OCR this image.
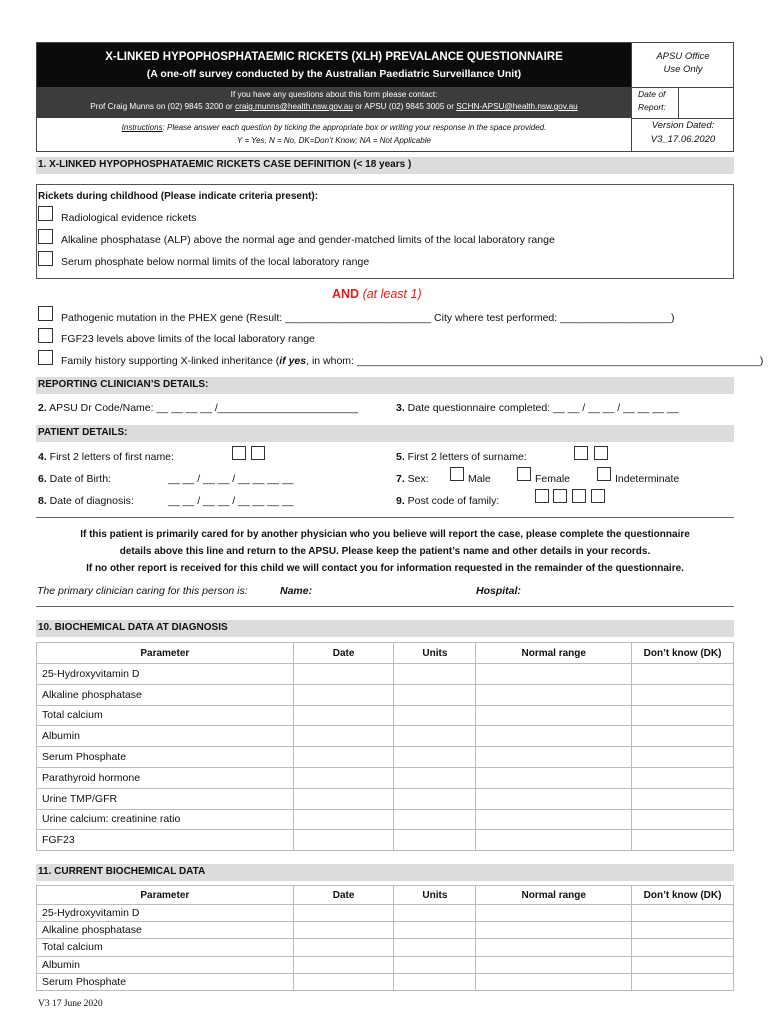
X-LINKED HYPOPHOSPHATAEMIC RICKETS (XLH) PREVALANCE QUESTIONNAIRE
(A one-off survey conducted by the Australian Paediatric Surveillance Unit)
If you have any questions about this form please contact:
Prof Craig Munns on (02) 9845 3200 or craig.munns@health.nsw.gov.au or APSU (02) 9845 3005 or SCHN-APSU@health.nsw.gov.au
Instructions: Please answer each question by ticking the appropriate box or writing your response in the space provided.
Y = Yes, N = No, DK=Don’t Know; NA = Not Applicable
APSU Office
Use Only
Date of
Report:
Version Dated:
V3_17.06.2020
1. X-LINKED HYPOPHOSPHATAEMIC RICKETS CASE DEFINITION (< 18 years )
Rickets during childhood (Please indicate criteria present):
Radiological evidence rickets
Alkaline phosphatase (ALP) above the normal age and gender-matched limits of the local laboratory range
Serum phosphate below normal limits of the local laboratory range
AND (at least 1)
Pathogenic mutation in the PHEX gene (Result: _________________________ City where test performed: ___________________)
FGF23 levels above limits of the local laboratory range
Family history supporting X-linked inheritance (if yes, in whom: _____________________________________________________________________)
REPORTING CLINICIAN’S DETAILS:
2. APSU Dr Code/Name: __ __ __ __ /________________________	3. Date questionnaire completed: __ __ / __ __ / __ __ __ __
PATIENT DETAILS:
4. First 2 letters of first name:	5. First 2 letters of surname:
6. Date of Birth:	__ __ / __ __ / __ __ __ __	7. Sex:	Male	Female	Indeterminate
8. Date of diagnosis:	__ __ / __ __ / __ __ __ __	9. Post code of family:
If this patient is primarily cared for by another physician who you believe will report the case, please complete the questionnaire
details above this line and return to the APSU. Please keep the patient’s name and other details in your records.
If no other report is received for this child we will contact you for information requested in the remainder of the questionnaire.
The primary clinician caring for this person is:	Name:	Hospital:
10. BIOCHEMICAL DATA AT DIAGNOSIS
Parameter	Date	Units	Normal range	Don’t know (DK)
25-Hydroxyvitamin D				
Alkaline phosphatase				
Total calcium				
Albumin				
Serum Phosphate				
Parathyroid hormone				
Urine TMP/GFR				
Urine calcium: creatinine ratio				
FGF23				
11. CURRENT BIOCHEMICAL DATA
Parameter	Date	Units	Normal range	Don’t know (DK)
25-Hydroxyvitamin D				
Alkaline phosphatase				
Total calcium				
Albumin				
Serum Phosphate				
V3 17 June 2020
